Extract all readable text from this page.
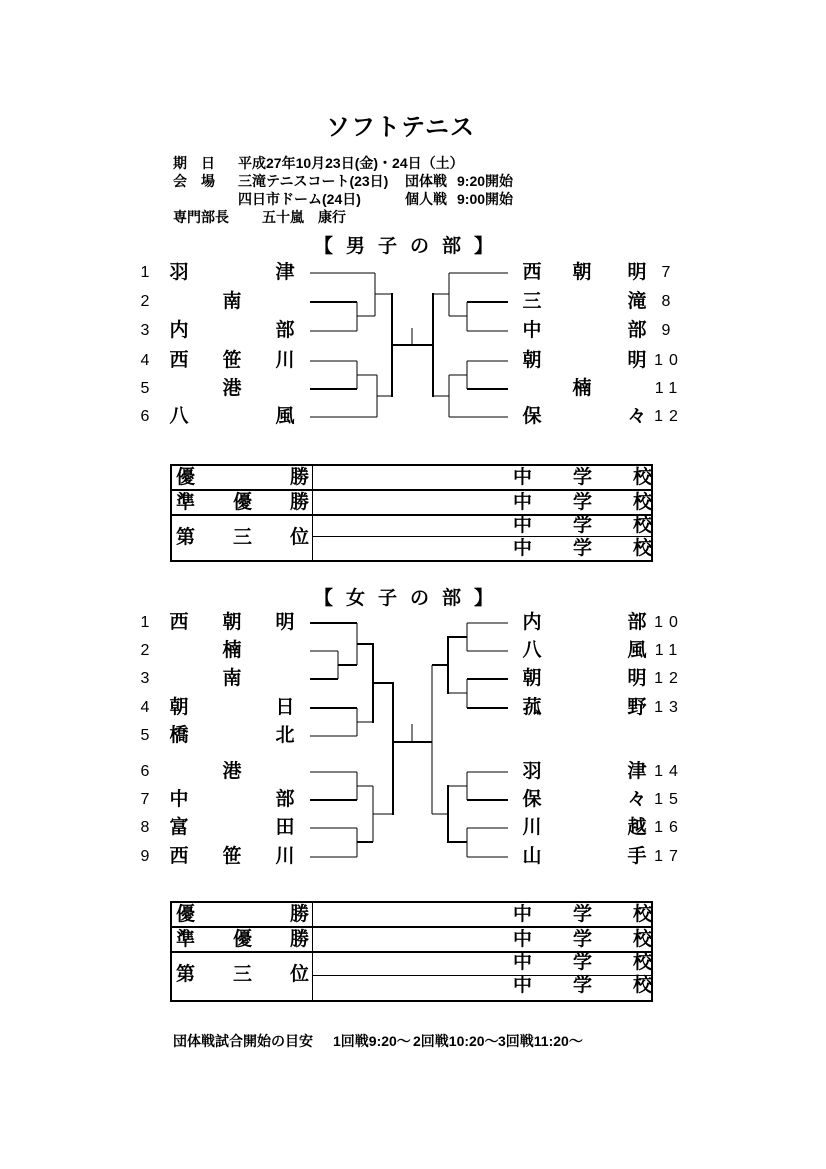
ソフトテニス
期　日 平成27年10月23日(金)・24日（土）
会　場 三滝テニスコート(23日) 団体戦 9:20開始
四日市ドーム(24日)	個人戦 9:00開始
専門部長 五十嵐　康行
【男子の部】
1	羽	津
2	南
3	内	部
4	西 笹 川
5	港
6	八	風
西 朝 明 7
三	滝 8
中	部 9
朝	明 10
楠	11
保	々 12
優勝	中学校
準優勝	中学校
第三位
中学校
中学校
【女子の部】
1	西 朝 明
2	楠
3	南
4	朝	日
5	橋	北
6	港
7	中	部
8	富	田
9	西 笹 川
内	部 10
八	風 11
朝	明 12
菰	野 13
羽	津 14
保	々 15
川	越 16
山	手 17
優勝	中学校
準優勝	中学校
第三位
中学校
中学校
団体戦試合開始の目安 1回戦9:20～ 2回戦10:20～ 3回戦11:20～
